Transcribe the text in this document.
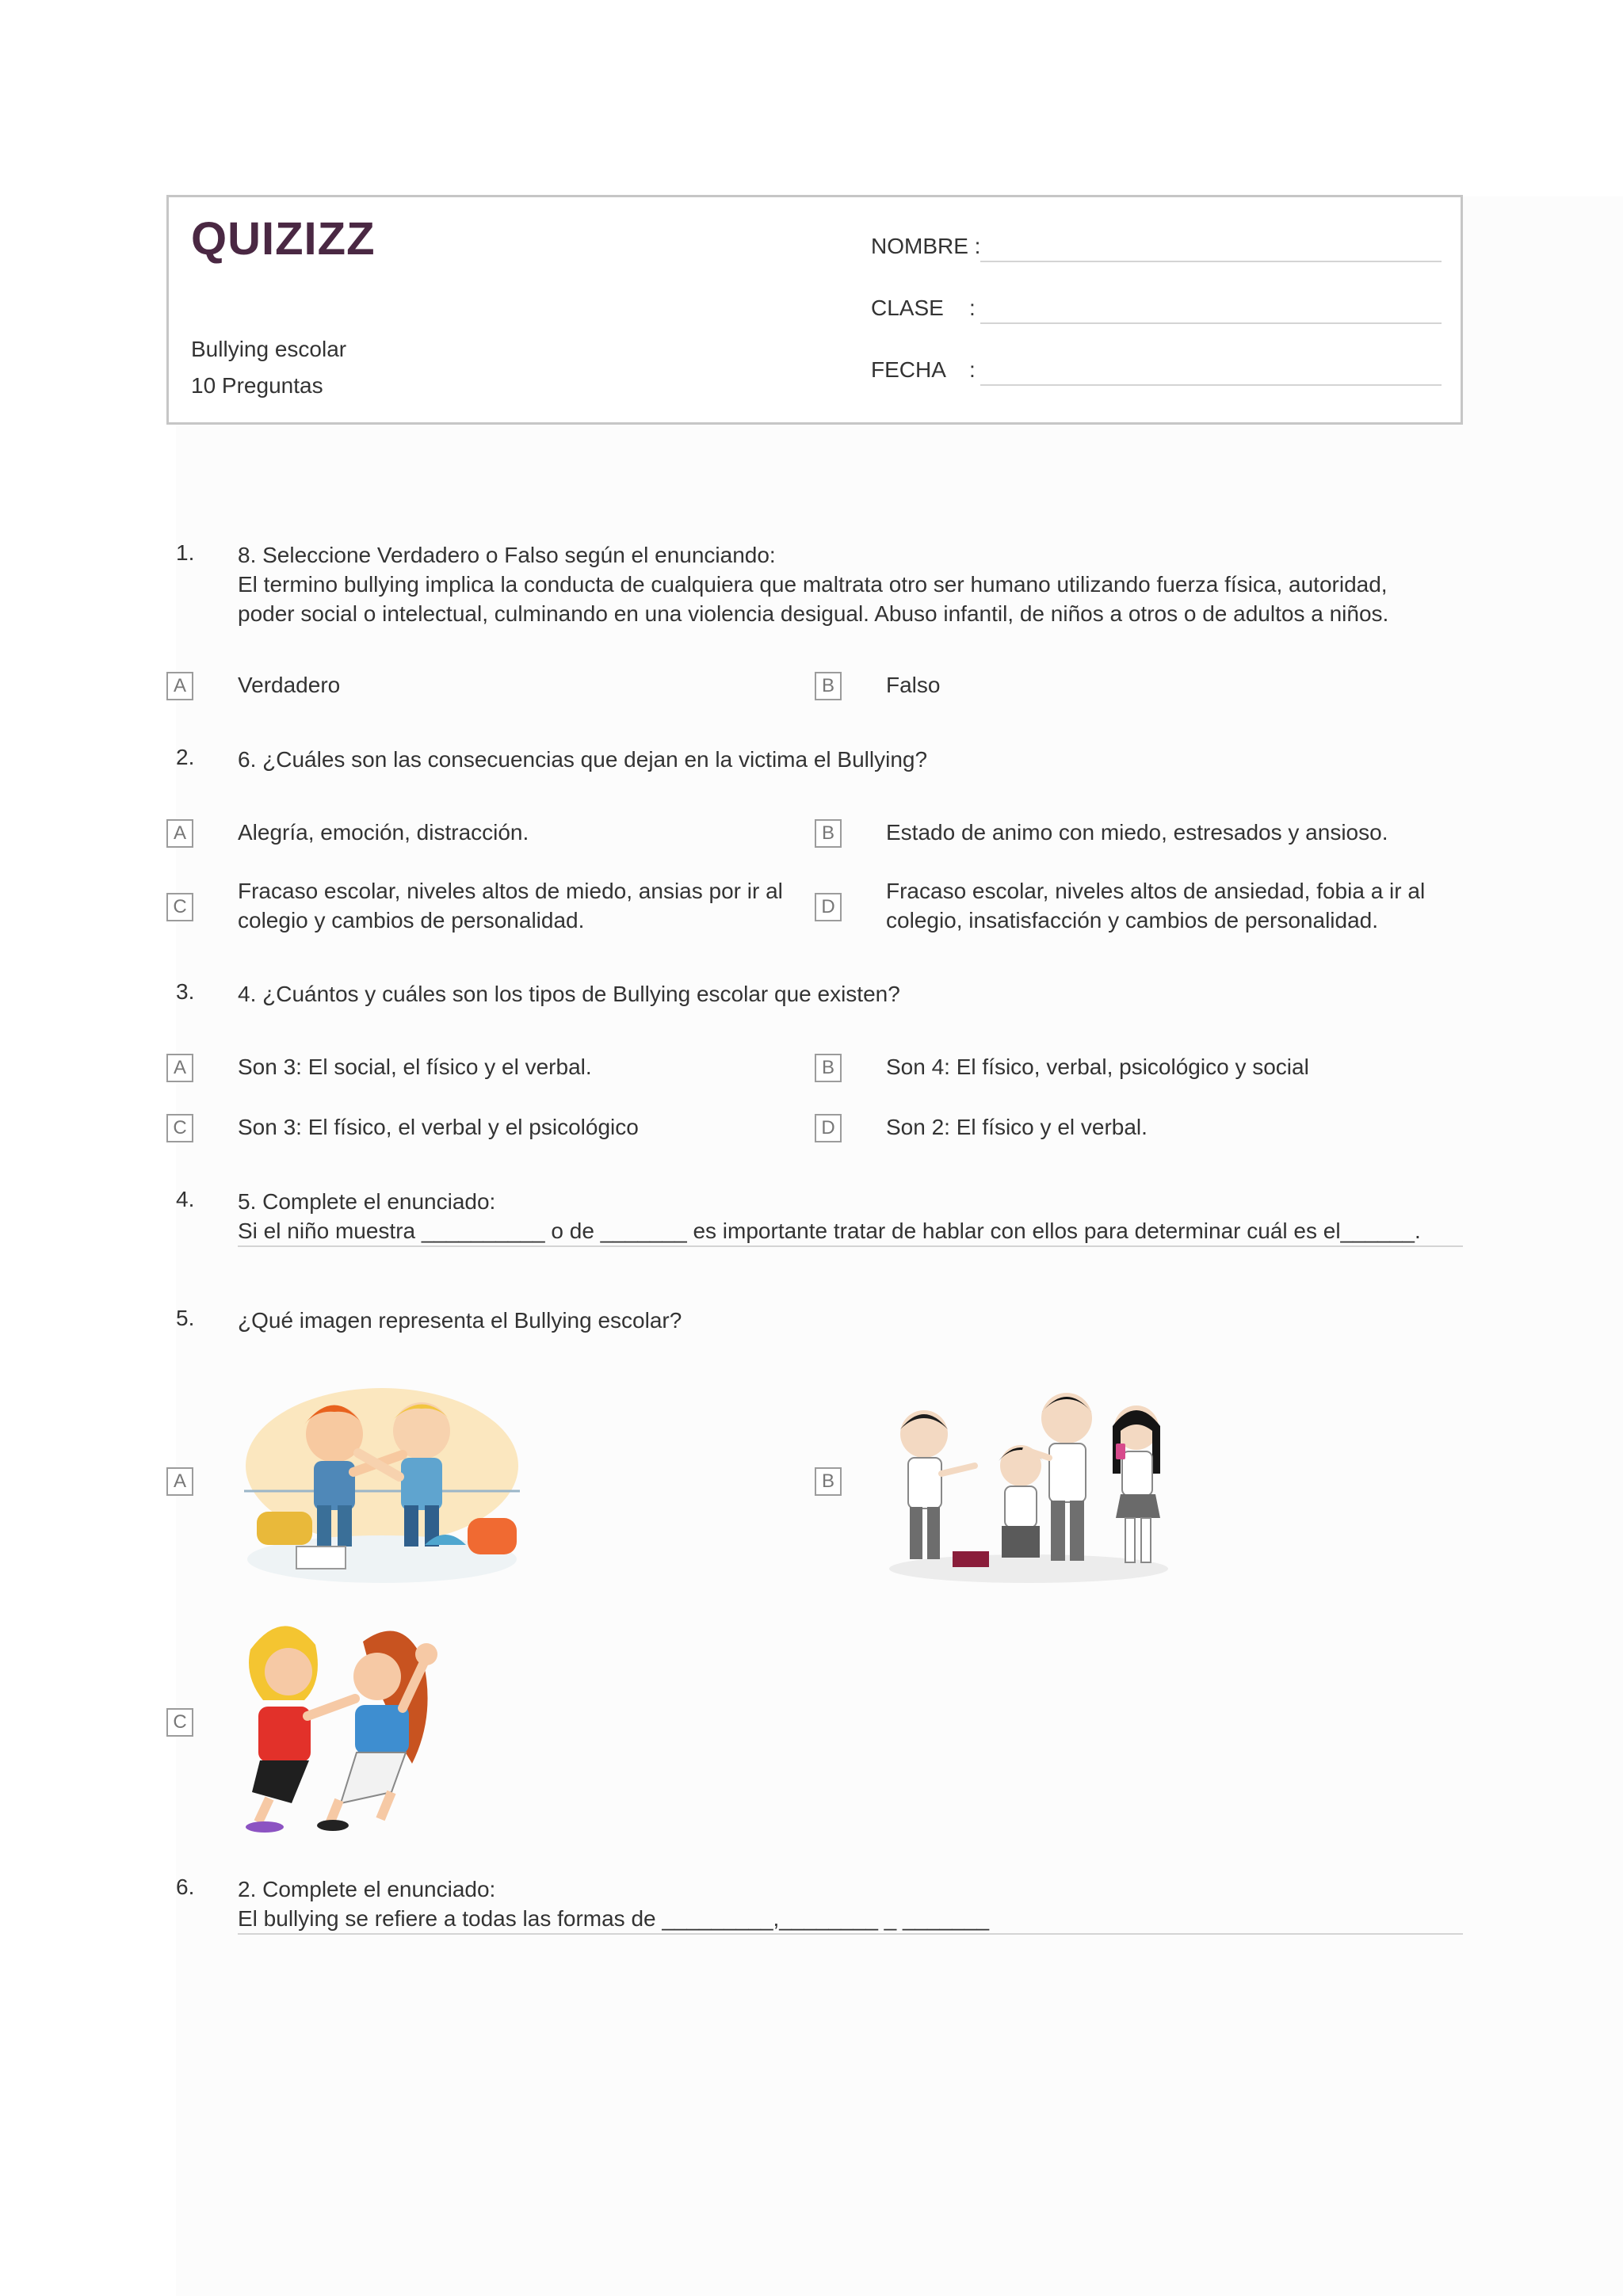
QUIZIZZ
Bullying escolar
10 Preguntas
NOMBRE :
CLASE :
FECHA :
1. 8. Seleccione Verdadero o Falso según el enunciando:
El termino bullying implica la conducta de cualquiera que maltrata otro ser humano utilizando fuerza física, autoridad,
poder social o intelectual, culminando en una violencia desigual. Abuso infantil, de niños a otros o de adultos a niños.
A	Verdadero	B	Falso
2. 6. ¿Cuáles son las consecuencias que dejan en la victima el Bullying?
A	Alegría, emoción, distracción.	B	Estado de animo con miedo, estresados y ansioso.
C
Fracaso escolar, niveles altos de miedo, ansias por ir al
colegio y cambios de personalidad.
D
Fracaso escolar, niveles altos de ansiedad, fobia a ir al
colegio, insatisfacción y cambios de personalidad.
3. 4. ¿Cuántos y cuáles son los tipos de Bullying escolar que existen?
A	Son 3: El social, el físico y el verbal.	B	Son 4: El físico, verbal, psicológico y social
C Son 3: El físico, el verbal y el psicológico	D Son 2: El físico y el verbal.
4. 5. Complete el enunciado:
Si el niño muestra __________ o de _______ es importante tratar de hablar con ellos para determinar cuál es el______.
5. ¿Qué imagen representa el Bullying escolar?
A	B
C
6. 2. Complete el enunciado:
El bullying se refiere a todas las formas de _________,________ _ _______
